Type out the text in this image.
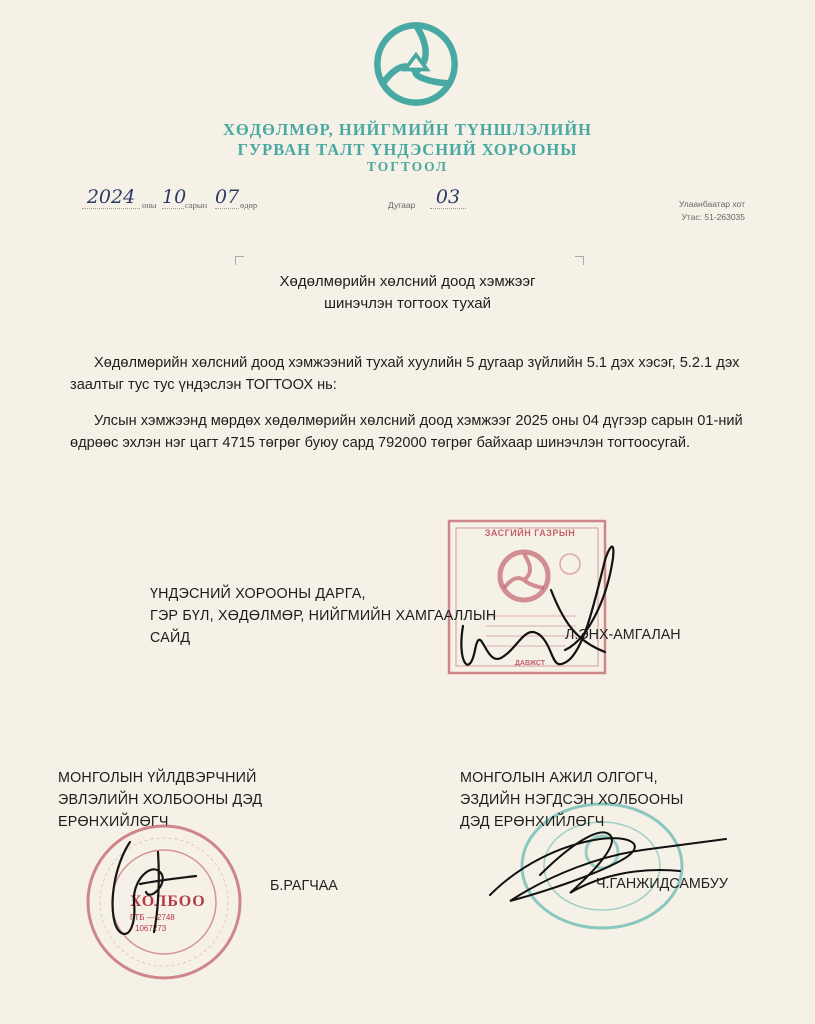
ХӨДӨЛМӨР, НИЙГМИЙН ТҮНШЛЭЛИЙН
ГУРВАН ТАЛТ ҮНДЭСНИЙ ХОРООНЫ
ТОГТООЛ
2024 оны 10
сарын 07 өдөр	Дугаар	03	Улаанбаатар хот
Утас: 51-263035
Хөдөлмөрийн хөлсний доод хэмжээг
шинэчлэн тогтоох тухай
Хөдөлмөрийн хөлсний доод хэмжээний тухай хуулийн 5 дугаар зүйлийн 5.1 дэх хэсэг, 5.2.1 дэх заалтыг тус тус үндэслэн ТОГТООХ нь:
Улсын хэмжээнд мөрдөх хөдөлмөрийн хөлсний доод хэмжээг 2025 оны 04 дүгээр сарын 01-ний өдрөөс эхлэн нэг цагт 4715 төгрөг буюу сард 792000 төгрөг байхаар шинэчлэн тогтоосугай.
ЗАСГИЙН ГАЗРЫН
ДАВЖСТ
ҮНДЭСНИЙ ХОРООНЫ ДАРГА,
ГЭР БҮЛ, ХӨДӨЛМӨР, НИЙГМИЙН ХАМГААЛЛЫН
САЙД	Л.ЭНХ-АМГАЛАН
МОНГОЛЫН ҮЙЛДВЭРЧНИЙ
ЭВЛЭЛИЙН ХОЛБООНЫ ДЭД
ЕРӨНХИЙЛӨГЧ
Б.РАГЧАА
ХОЛБОО
ГТБ — 2748
1067273
МОНГОЛЫН АЖИЛ ОЛГОГЧ,
ЭЗДИЙН НЭГДСЭН ХОЛБООНЫ
ДЭД ЕРӨНХИЙЛӨГЧ
Ч.ГАНЖИДСАМБУУ
